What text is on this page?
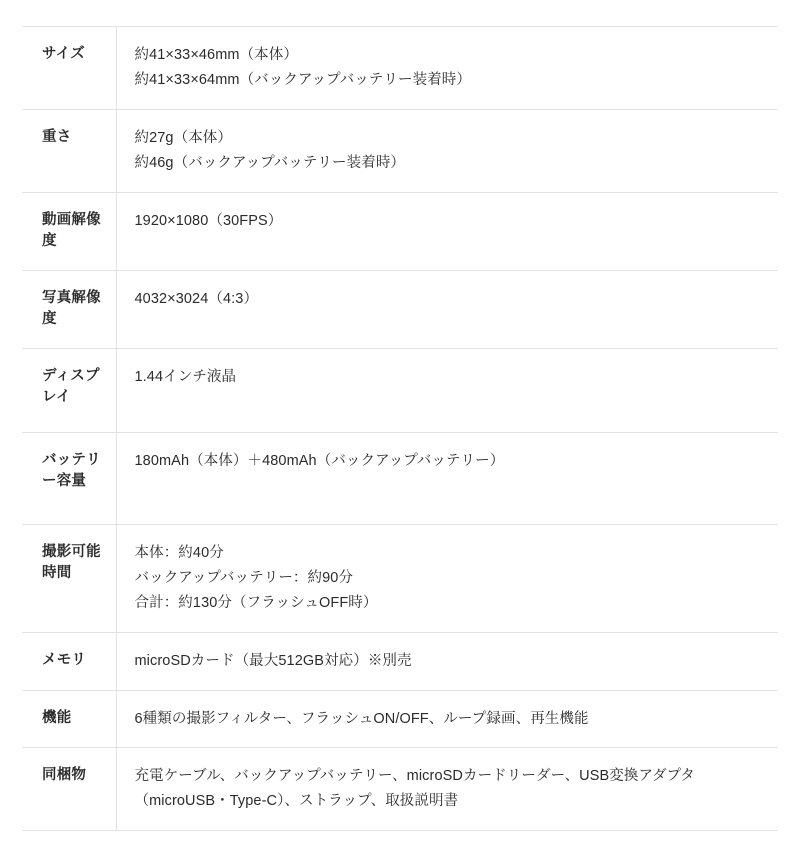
サイズ	約41×33×46mm（本体）
約41×33×64mm（バックアップバッテリー装着時）

重さ	約27g（本体）
約46g（バックアップバッテリー装着時）

動画解像度	1920×1080（30FPS）

写真解像度	4032×3024（4:3）

ディスプレイ	1.44インチ液晶

バッテリー容量	180mAh（本体）＋480mAh（バックアップバッテリー）

撮影可能時間	本体：約40分
バックアップバッテリー：約90分
合計：約130分（フラッシュOFF時）

メモリ	microSDカード（最大512GB対応）※別売

機能	6種類の撮影フィルター、フラッシュON/OFF、ループ録画、再生機能

同梱物	充電ケーブル、バックアップバッテリー、microSDカードリーダー、USB変換アダプタ（microUSB・Type-C）、ストラップ、取扱説明書
